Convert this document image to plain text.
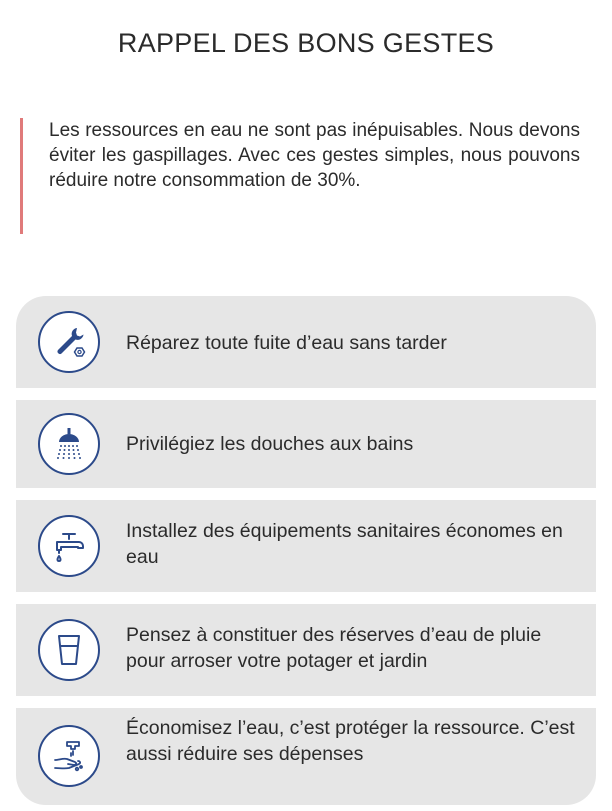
RAPPEL DES BONS GESTES

Les ressources en eau ne sont pas inépuisables. Nous devons éviter les gaspillages. Avec ces gestes simples, nous pouvons réduire notre consommation de 30%.

Réparez toute fuite d’eau sans tarder
Privilégiez les douches aux bains
Installez des équipements sanitaires économes en eau
Pensez à constituer des réserves d’eau de pluie pour arroser votre potager et jardin
Économisez l’eau, c’est protéger la ressource. C’est aussi réduire ses dépenses
